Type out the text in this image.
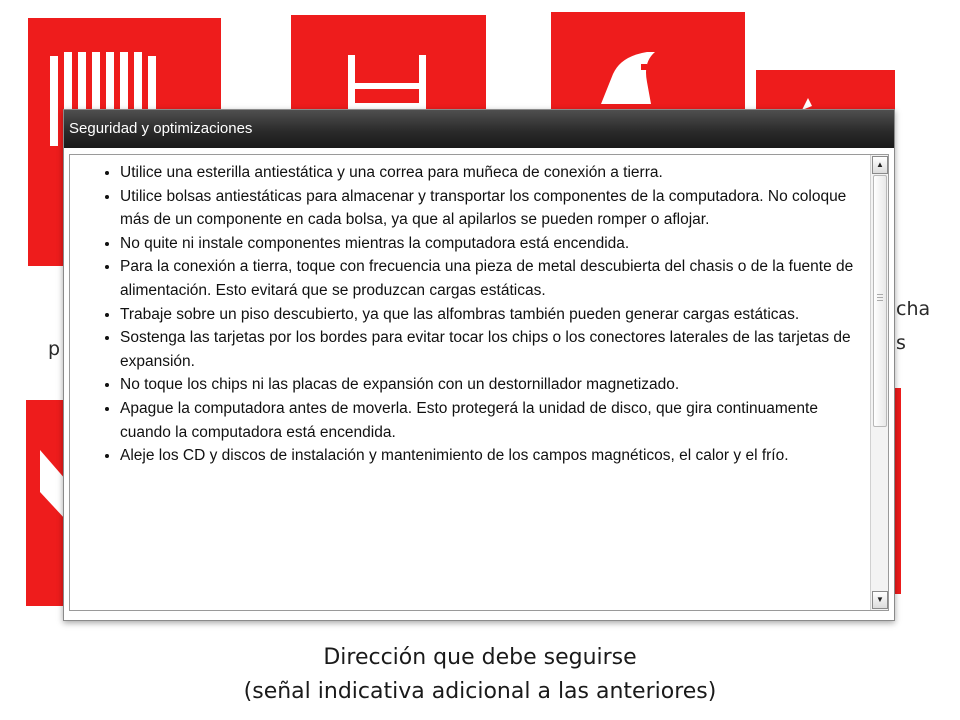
p
cha
s
Dirección que debe seguirse
(señal indicativa adicional a las anteriores)
Seguridad y optimizaciones
• Utilice una esterilla antiestática y una correa para muñeca de conexión a tierra.
• Utilice bolsas antiestáticas para almacenar y transportar los componentes de la computadora. No coloque más de un componente en cada bolsa, ya que al apilarlos se pueden romper o aflojar.
• No quite ni instale componentes mientras la computadora está encendida.
• Para la conexión a tierra, toque con frecuencia una pieza de metal descubierta del chasis o de la fuente de alimentación. Esto evitará que se produzcan cargas estáticas.
• Trabaje sobre un piso descubierto, ya que las alfombras también pueden generar cargas estáticas.
• Sostenga las tarjetas por los bordes para evitar tocar los chips o los conectores laterales de las tarjetas de expansión.
• No toque los chips ni las placas de expansión con un destornillador magnetizado.
• Apague la computadora antes de moverla. Esto protegerá la unidad de disco, que gira continuamente cuando la computadora está encendida.
• Aleje los CD y discos de instalación y mantenimiento de los campos magnéticos, el calor y el frío.
▲
▼
